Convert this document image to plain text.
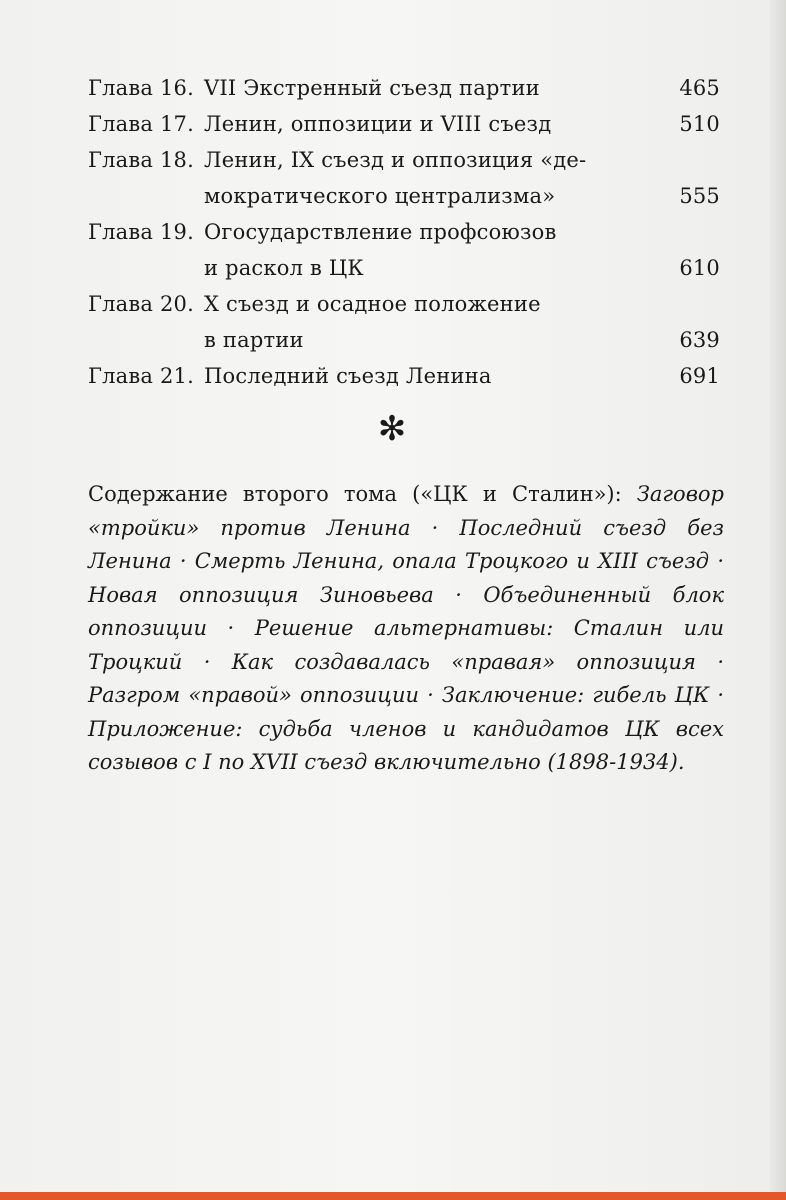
Глава 16. VII Экстренный съезд партии	465
Глава 17. Ленин, оппозиции и VIII съезд	510
Глава 18. Ленин, IX съезд и оппозиция «де-
мократического централизма»	555
Глава 19. Огосударствление профсоюзов
и раскол в ЦК	610
Глава 20. X съезд и осадное положение
в партии	639
Глава 21. Последний съезд Ленина	691
✻
Содержание второго тома («ЦК и Сталин»): Заговор «тройки» против Ленина · Последний съезд без Ленина · Смерть Ленина, опала Троцкого и XIII съезд · Новая оппозиция Зиновьева · Объединенный блок оппозиции · Решение альтернативы: Сталин или Троцкий · Как создавалась «правая» оппозиция · Разгром «правой» оппозиции · Заключение: гибель ЦК · Приложение: судьба членов и кандидатов ЦК всех созывов с I по XVII съезд включительно (1898-1934).
